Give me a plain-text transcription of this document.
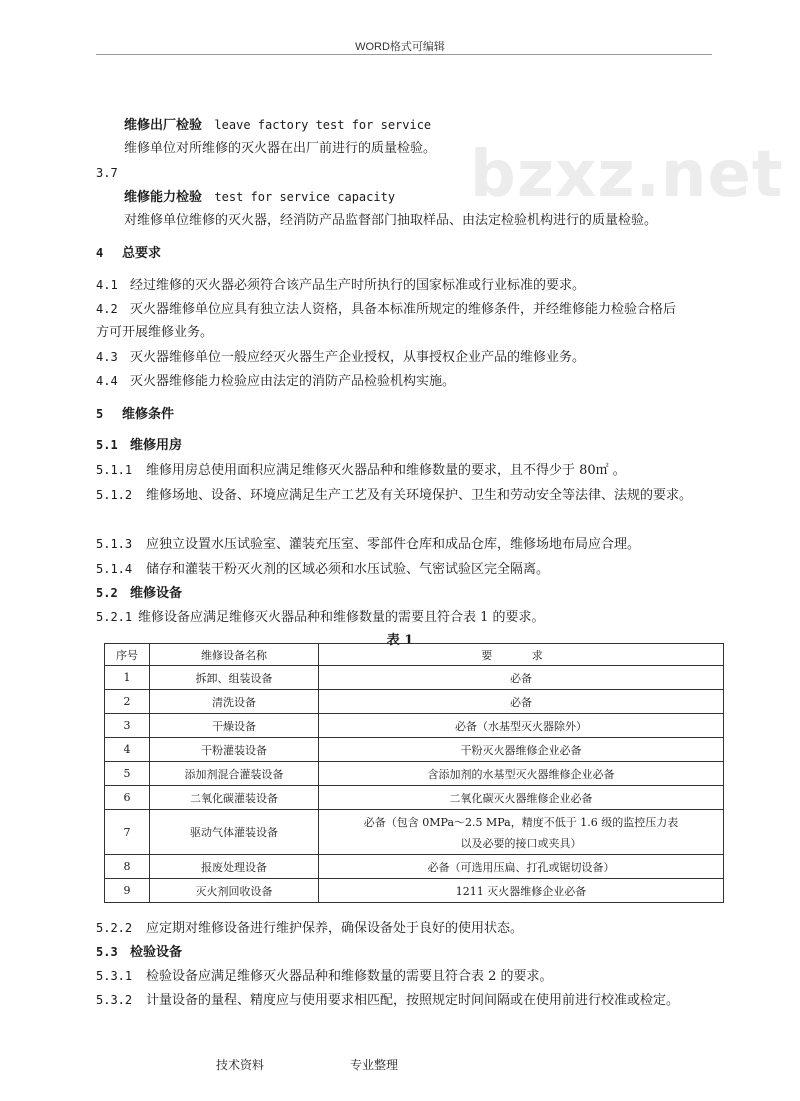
WORD格式可编辑
bzxz.net
维修出厂检验 leave factory test for service
维修单位对所维修的灭火器在出厂前进行的质量检验。
3.7
维修能力检验 test for service capacity
对维修单位维修的灭火器，经消防产品监督部门抽取样品、由法定检验机构进行的质量检验。
4 总要求
4.1 经过维修的灭火器必须符合该产品生产时所执行的国家标准或行业标准的要求。
4.2 灭火器维修单位应具有独立法人资格，具备本标准所规定的维修条件，并经维修能力检验合格后
方可开展维修业务。
4.3 灭火器维修单位一般应经灭火器生产企业授权，从事授权企业产品的维修业务。
4.4 灭火器维修能力检验应由法定的消防产品检验机构实施。
5 维修条件
5.1 维修用房
5.1.1 维修用房总使用面积应满足维修灭火器品种和维修数量的要求，且不得少于 80㎡ 。
5.1.2 维修场地、设备、环境应满足生产工艺及有关环境保护、卫生和劳动安全等法律、法规的要求。
5.1.3 应独立设置水压试验室、灌装充压室、零部件仓库和成品仓库，维修场地布局应合理。
5.1.4 储存和灌装干粉灭火剂的区域必须和水压试验、气密试验区完全隔离。
5.2 维修设备
5.2.1 维修设备应满足维修灭火器品种和维修数量的需要且符合表 1 的要求。
表 1
序号	维修设备名称	要 求
1	拆卸、组装设备	必备
2	清洗设备	必备
3	干燥设备	必备（水基型灭火器除外）
4	干粉灌装设备	干粉灭火器维修企业必备
5	添加剂混合灌装设备	含添加剂的水基型灭火器维修企业必备
6	二氧化碳灌装设备	二氧化碳灭火器维修企业必备
7	驱动气体灌装设备	必备（包含 0MPa～2.5 MPa，精度不低于 1.6 级的监控压力表
以及必要的接口或夹具）

8	报废处理设备	必备（可选用压扁、打孔或锯切设备）
9	灭火剂回收设备	1211 灭火器维修企业必备
5.2.2 应定期对维修设备进行维护保养，确保设备处于良好的使用状态。
5.3 检验设备
5.3.1 检验设备应满足维修灭火器品种和维修数量的需要且符合表 2 的要求。
5.3.2 计量设备的量程、精度应与使用要求相匹配，按照规定时间间隔或在使用前进行校准或检定。
技术资料	专业整理
